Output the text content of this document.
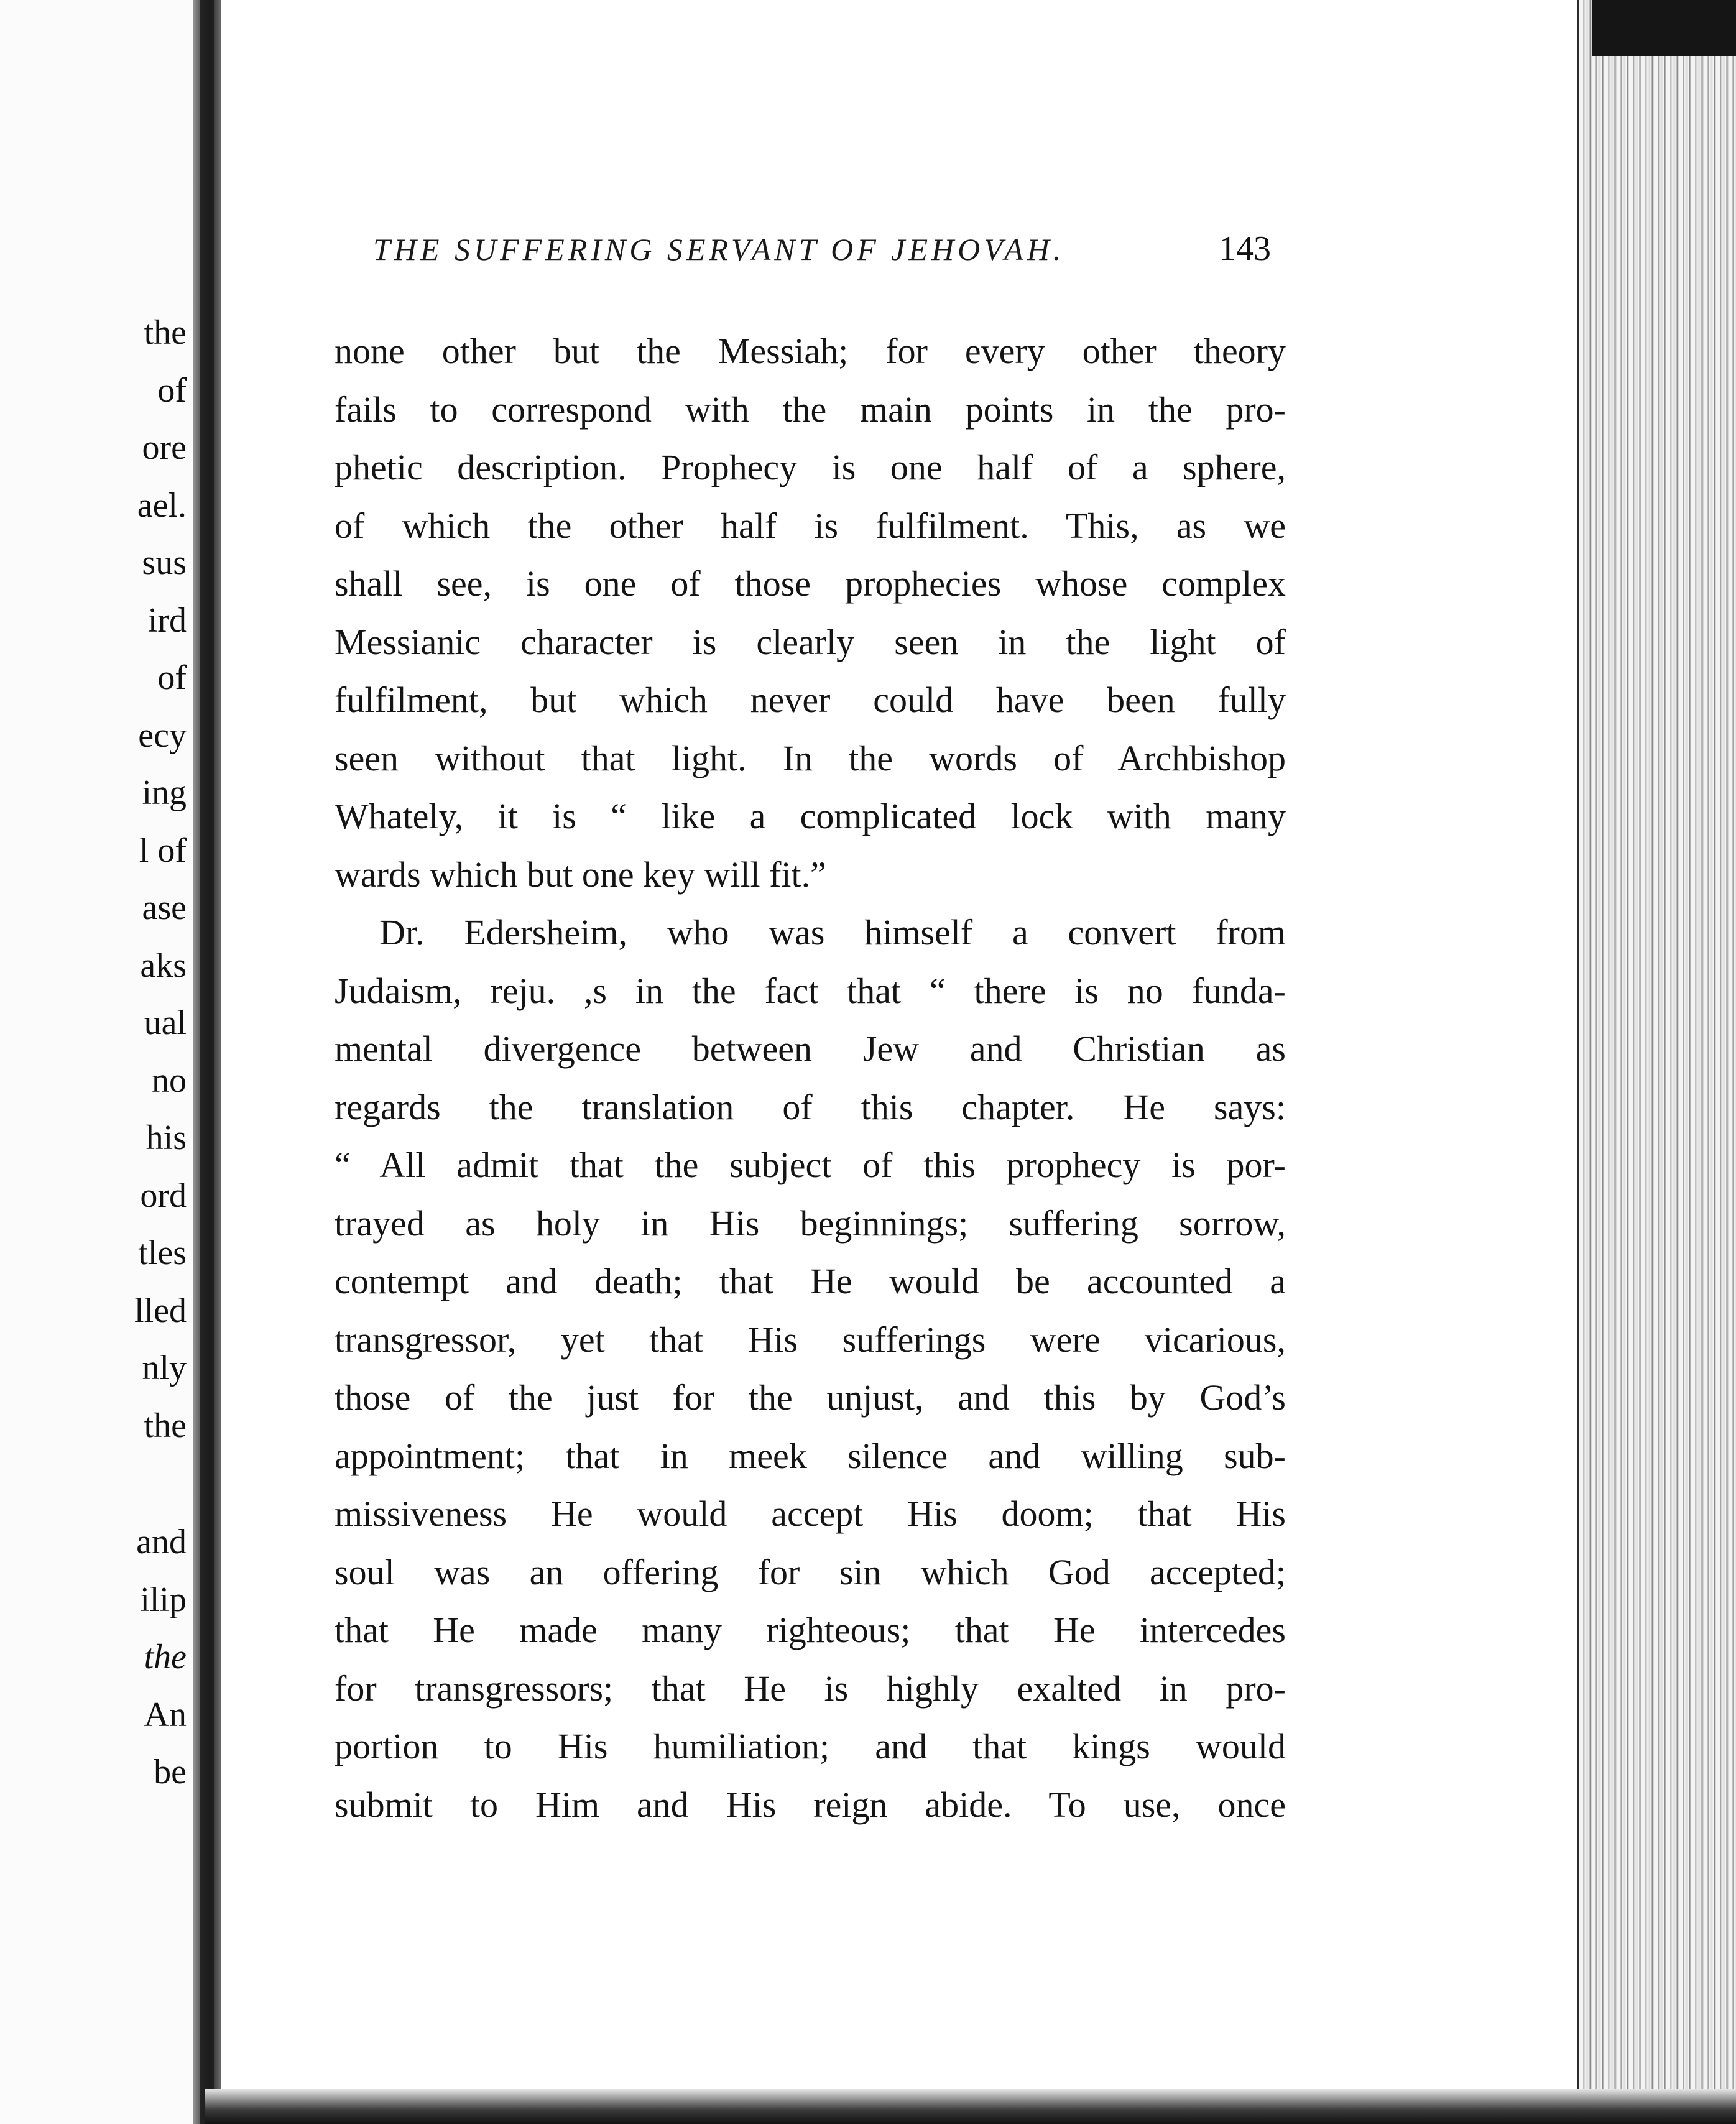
the
of
ore
ael.
sus
ird
of
ecy
ing
l of
ase
aks
ual
no
his
ord
tles
lled
nly
the
and
ilip
the
An
be
THE SUFFERING SERVANT OF JEHOVAH.	143
none other but the Messiah; for every other theory
fails to correspond with the main points in the pro-
phetic description. Prophecy is one half of a sphere,
of which the other half is fulfilment. This, as we
shall see, is one of those prophecies whose complex
Messianic character is clearly seen in the light of
fulfilment, but which never could have been fully
seen without that light. In the words of Archbishop
Whately, it is “ like a complicated lock with many
wards which but one key will fit.”
Dr. Edersheim, who was himself a convert from
Judaism, reju. ,s in the fact that “ there is no funda-
mental divergence between Jew and Christian as
regards the translation of this chapter. He says:
“ All admit that the subject of this prophecy is por-
trayed as holy in His beginnings; suffering sorrow,
contempt and death; that He would be accounted a
transgressor, yet that His sufferings were vicarious,
those of the just for the unjust, and this by God’s
appointment; that in meek silence and willing sub-
missiveness He would accept His doom; that His
soul was an offering for sin which God accepted;
that He made many righteous; that He intercedes
for transgressors; that He is highly exalted in pro-
portion to His humiliation; and that kings would
submit to Him and His reign abide. To use, once
